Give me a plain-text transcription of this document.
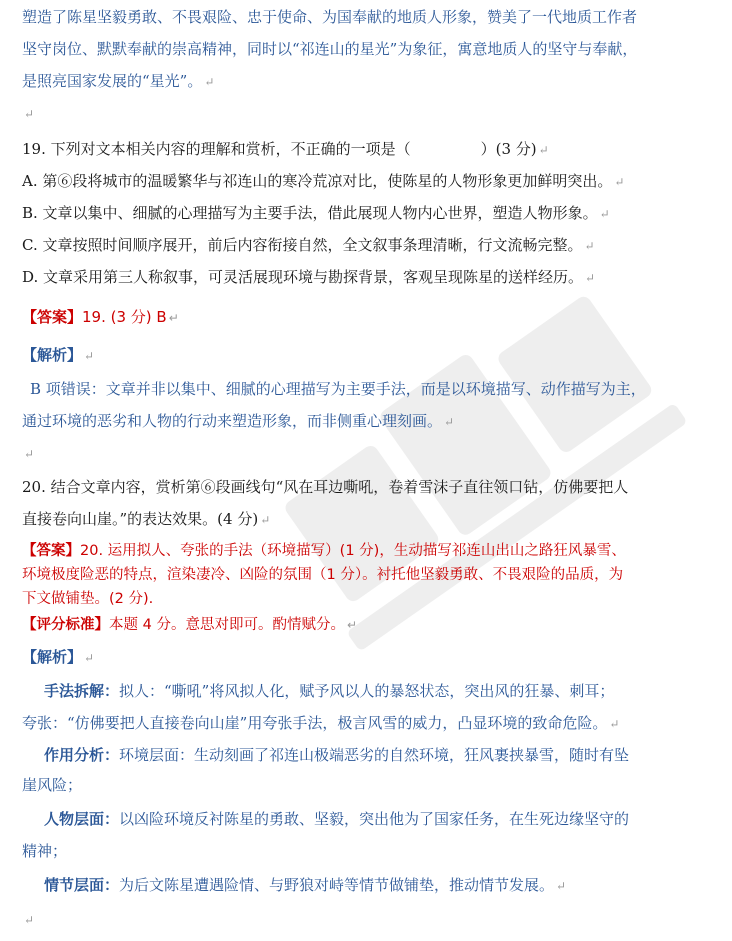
塑造了陈星坚毅勇敢、不畏艰险、忠于使命、为国奉献的地质人形象，赞美了一代地质工作者
坚守岗位、默默奉献的崇高精神，同时以“祁连山的星光”为象征，寓意地质人的坚守与奉献，
是照亮国家发展的“星光”。 ↵
↵
19. 下列对文本相关内容的理解和赏析，不正确的一项是（	）(3 分) ↵
A. 第⑥段将城市的温暖繁华与祁连山的寒冷荒凉对比，使陈星的人物形象更加鲜明突出。 ↵
B. 文章以集中、细腻的心理描写为主要手法，借此展现人物内心世界，塑造人物形象。 ↵
C. 文章按照时间顺序展开，前后内容衔接自然，全文叙事条理清晰，行文流畅完整。 ↵
D. 文章采用第三人称叙事，可灵活展现环境与勘探背景，客观呈现陈星的送样经历。 ↵
【答案】19. (3 分) B ↵
【解析】 ↵
B 项错误：文章并非以集中、细腻的心理描写为主要手法，而是以环境描写、动作描写为主，
通过环境的恶劣和人物的行动来塑造形象，而非侧重心理刻画。 ↵
↵
20. 结合文章内容，赏析第⑥段画线句“风在耳边嘶吼，卷着雪沫子直往领口钻，仿佛要把人
直接卷向山崖。”的表达效果。(4 分) ↵
【答案】20. 运用拟人、夸张的手法（环境描写）(1 分)，生动描写祁连山出山之路狂风暴雪、
环境极度险恶的特点，渲染凄冷、凶险的氛围（1 分）。衬托他坚毅勇敢、不畏艰险的品质，为
下文做铺垫。(2 分).
【评分标准】本题 4 分。意思对即可。酌情赋分。 ↵
【解析】 ↵
手法拆解：拟人：“嘶吼”将风拟人化，赋予风以人的暴怒状态，突出风的狂暴、刺耳；
夸张：“仿佛要把人直接卷向山崖”用夸张手法，极言风雪的威力，凸显环境的致命危险。 ↵
作用分析：环境层面：生动刻画了祁连山极端恶劣的自然环境，狂风裹挟暴雪，随时有坠
崖风险；
人物层面：以凶险环境反衬陈星的勇敢、坚毅，突出他为了国家任务，在生死边缘坚守的
精神；
情节层面：为后文陈星遭遇险情、与野狼对峙等情节做铺垫，推动情节发展。 ↵
↵
